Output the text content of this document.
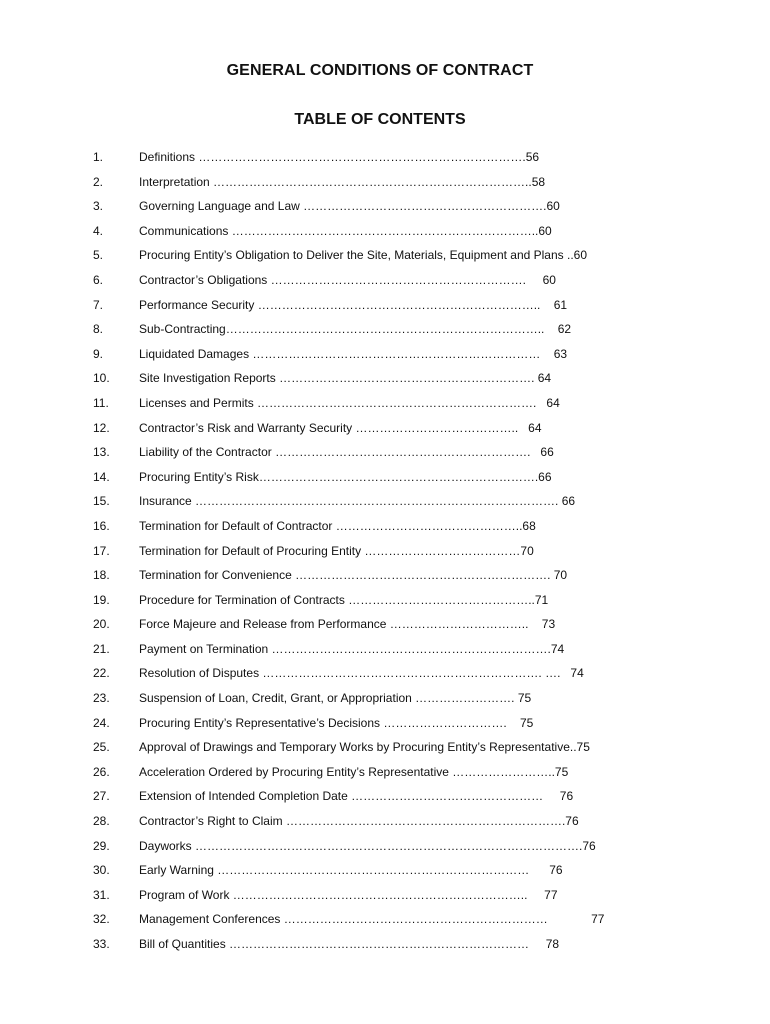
GENERAL CONDITIONS OF CONTRACT
TABLE OF CONTENTS
1.	Definitions ……………………………………………………………………….56
2.	Interpretation ……………………………………………………………………..58
3.	Governing Language and Law …………………………………………………….60
4.	Communications …………………………………………………………………..60
5.	Procuring Entity’s Obligation to Deliver the Site, Materials, Equipment and Plans ..60
6.	Contractor’s Obligations ……………………………………………………….     60
7.	Performance Security ……………………………………………………………..    61
8.	Sub-Contracting……………………………………………………………………..    62
9.	Liquidated Damages ………………………………………………………………    63
10. Site Investigation Reports ………………………………………………………. 64
11.	Licenses and Permits …………………………………………………………….   64
12. Contractor’s Risk and Warranty Security …………………………………..   64
13. Liability of the Contractor ……………………………………………………….   66
14. Procuring Entity’s Risk…………………………………………………………….66
15. Insurance ………………………………………………………………………………. 66
16. Termination for Default of Contractor ………………………………………..68
17. Termination for Default of Procuring Entity …………………………………70
18. Termination for Convenience ………………………………………………………. 70
19. Procedure for Termination of Contracts ………………………………………..71
20. Force Majeure and Release from Performance ……………………………..    73
21. Payment on Termination …………………………………………………………….74
22. Resolution of Disputes ……………………………………………………………. ….   74
23. Suspension of Loan, Credit, Grant, or Appropriation ……………………. 75
24. Procuring Entity’s Representative’s Decisions ………………………….    75
25. Approval of Drawings and Temporary Works by Procuring Entity’s Representative..75
26. Acceleration Ordered by Procuring Entity’s Representative ……………………..75
27. Extension of Intended Completion Date …………………………………………     76
28. Contractor’s Right to Claim …………………………………………………………….76
29. Dayworks …………………………………………………………………………………….76
30. Early Warning ……………………………………………………………………      76
31. Program of Work ………………………………………………………………..     77
32. Management Conferences …………………………………………………………             77
33. Bill of Quantities …………………………………………………………………     78
